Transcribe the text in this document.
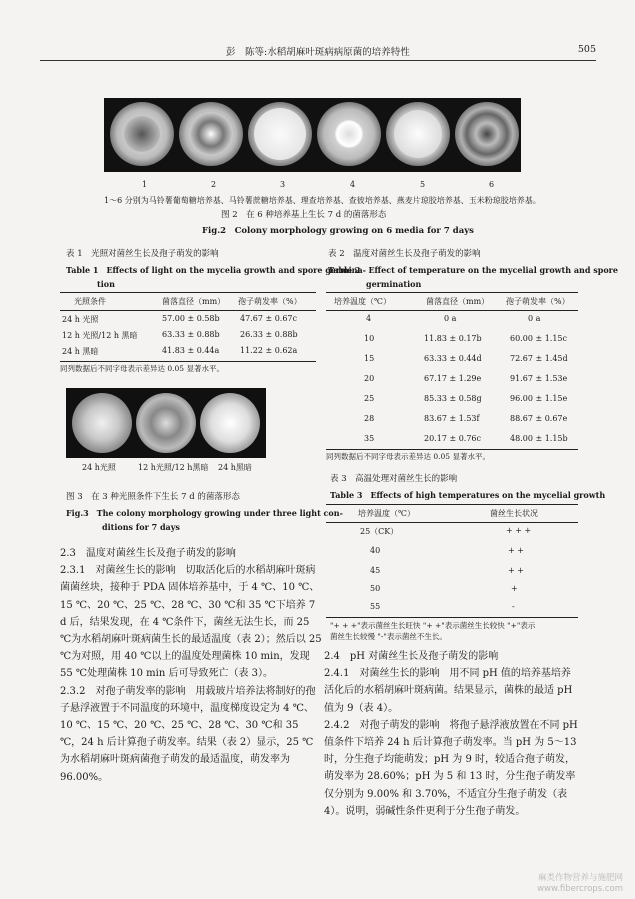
彭　陈等:水稻胡麻叶斑病病原菌的培养特性	505
1	2	3	4	5	6
1～6 分别为马铃薯葡萄糖培养基、马铃薯蔗糖培养基、理查培养基、查彼培养基、燕麦片琼胶培养基、玉米粉琼胶培养基。
图 2　在 6 种培养基上生长 7 d 的菌落形态
Fig.2　Colony morphology growing on 6 media for 7 days
表 1　光照对菌丝生长及孢子萌发的影响
Table 1　Effects of light on the mycelia growth and spore germina-
tion
光照条件	菌落直径（mm） 孢子萌发率（%）
24 h 光照	57.00 ± 0.58b	47.67 ± 0.67c
12 h 光照/12 h 黑暗	63.33 ± 0.88b	26.33 ± 0.88b
24 h 黑暗	41.83 ± 0.44a	11.22 ± 0.62a
同列数据后不同字母表示差异达 0.05 显著水平。
24 h光照	12 h光照/12 h黑暗 24 h黑暗
图 3　在 3 种光照条件下生长 7 d 的菌落形态
Fig.3　The colony morphology growing under three light con-
ditions for 7 days

2.3　温度对菌丝生长及孢子萌发的影响

2.3.1　对菌丝生长的影响　切取活化后的水稻胡麻叶斑病菌菌丝块，接种于 PDA 固体培养基中，于 4 ℃、10 ℃、15 ℃、20 ℃、25 ℃、28 ℃、30 ℃和 35 ℃下培养 7 d 后，结果发现，在 4 ℃条件下，菌丝无法生长，而 25 ℃为水稻胡麻叶斑病菌生长的最适温度（表 2）；然后以 25 ℃为对照，用 40 ℃以上的温度处理菌株 10 min，发现 55 ℃处理菌株 10 min 后可导致死亡（表 3）。

2.3.2　对孢子萌发率的影响　用载玻片培养法将制好的孢子悬浮液置于不同温度的环境中，温度梯度设定为 4 ℃、10 ℃、15 ℃、20 ℃、25 ℃、28 ℃、30 ℃和 35 ℃，24 h 后计算孢子萌发率。结果（表 2）显示，25 ℃为水稻胡麻叶斑病菌孢子萌发的最适温度，萌发率为 96.00%。

表 2　温度对菌丝生长及孢子萌发的影响
Table 2　Effect of temperature on the mycelial growth and spore
germination
培养温度（℃）	菌落直径（mm） 孢子萌发率（%）
4	0 a	0 a
10	11.83 ± 0.17b	60.00 ± 1.15c
15	63.33 ± 0.44d	72.67 ± 1.45d
20	67.17 ± 1.29e	91.67 ± 1.53e
25	85.33 ± 0.58g	96.00 ± 1.15e
28	83.67 ± 1.53f	88.67 ± 0.67e
35	20.17 ± 0.76c	48.00 ± 1.15b
同列数据后不同字母表示差异达 0.05 显著水平。
表 3　高温处理对菌丝生长的影响
Table 3　Effects of high temperatures on the mycelial growth
培养温度（℃）	菌丝生长状况
25（CK）	+ + +
40	+ +
45	+ +
50	+
55	-
"+ + +"表示菌丝生长旺快 "+ +"表示菌丝生长较快 "+"表示
菌丝生长较慢 "-"表示菌丝不生长。

2.4　pH 对菌丝生长及孢子萌发的影响

2.4.1　对菌丝生长的影响　用不同 pH 值的培养基培养活化后的水稻胡麻叶斑病菌。结果显示，菌株的最适 pH 值为 9（表 4）。

2.4.2　对孢子萌发的影响　将孢子悬浮液放置在不同 pH 值条件下培养 24 h 后计算孢子萌发率。当 pH 为 5～13 时，分生孢子均能萌发；pH 为 9 时，较适合孢子萌发，萌发率为 28.60%；pH 为 5 和 13 时，分生孢子萌发率仅分别为 9.00% 和 3.70%，不适宜分生孢子萌发（表 4）。说明，弱碱性条件更利于分生孢子萌发。

麻类作物营养与施肥网
www.fibercrops.com
